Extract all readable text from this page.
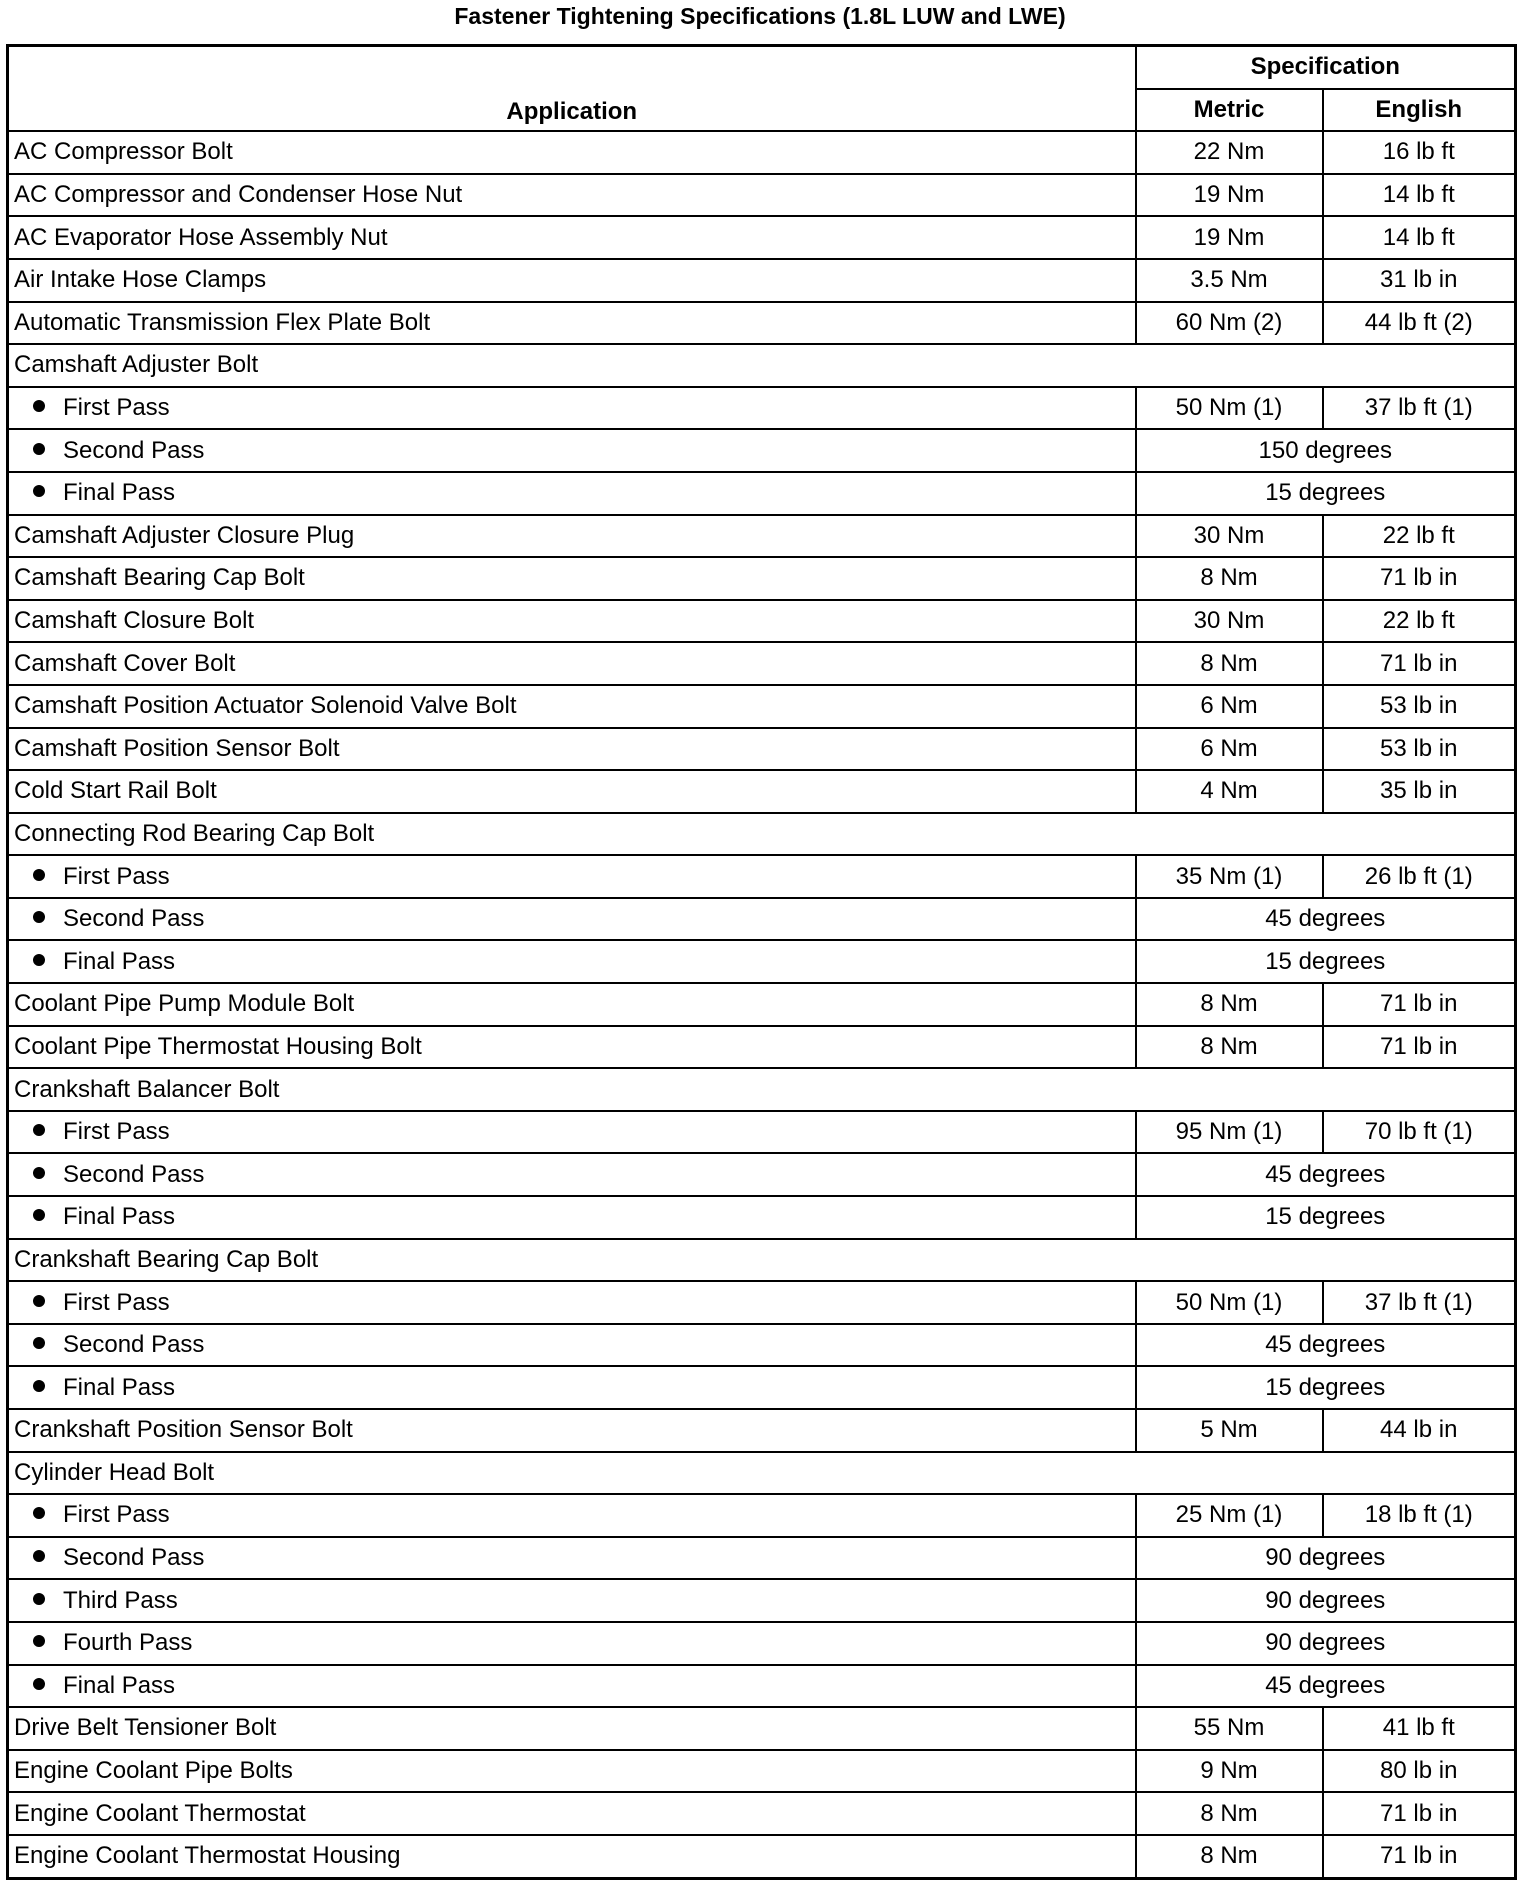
Fastener Tightening Specifications (1.8L LUW and LWE)
Application	Specification	
	Metric	English
AC Compressor Bolt	22 Nm	16 lb ft
AC Compressor and Condenser Hose Nut	19 Nm	14 lb ft
AC Evaporator Hose Assembly Nut	19 Nm	14 lb ft
Air Intake Hose Clamps	3.5 Nm	31 lb in
Automatic Transmission Flex Plate Bolt	60 Nm (2)	44 lb ft (2)
Camshaft Adjuster Bolt		
First Pass	50 Nm (1)	37 lb ft (1)
Second Pass	150 degrees	
Final Pass	15 degrees	
Camshaft Adjuster Closure Plug	30 Nm	22 lb ft
Camshaft Bearing Cap Bolt	8 Nm	71 lb in
Camshaft Closure Bolt	30 Nm	22 lb ft
Camshaft Cover Bolt	8 Nm	71 lb in
Camshaft Position Actuator Solenoid Valve Bolt	6 Nm	53 lb in
Camshaft Position Sensor Bolt	6 Nm	53 lb in
Cold Start Rail Bolt	4 Nm	35 lb in
Connecting Rod Bearing Cap Bolt		
First Pass	35 Nm (1)	26 lb ft (1)
Second Pass	45 degrees	
Final Pass	15 degrees	
Coolant Pipe Pump Module Bolt	8 Nm	71 lb in
Coolant Pipe Thermostat Housing Bolt	8 Nm	71 lb in
Crankshaft Balancer Bolt		
First Pass	95 Nm (1)	70 lb ft (1)
Second Pass	45 degrees	
Final Pass	15 degrees	
Crankshaft Bearing Cap Bolt		
First Pass	50 Nm (1)	37 lb ft (1)
Second Pass	45 degrees	
Final Pass	15 degrees	
Crankshaft Position Sensor Bolt	5 Nm	44 lb in
Cylinder Head Bolt		
First Pass	25 Nm (1)	18 lb ft (1)
Second Pass	90 degrees	
Third Pass	90 degrees	
Fourth Pass	90 degrees	
Final Pass	45 degrees	
Drive Belt Tensioner Bolt	55 Nm	41 lb ft
Engine Coolant Pipe Bolts	9 Nm	80 lb in
Engine Coolant Thermostat	8 Nm	71 lb in
Engine Coolant Thermostat Housing	8 Nm	71 lb in
